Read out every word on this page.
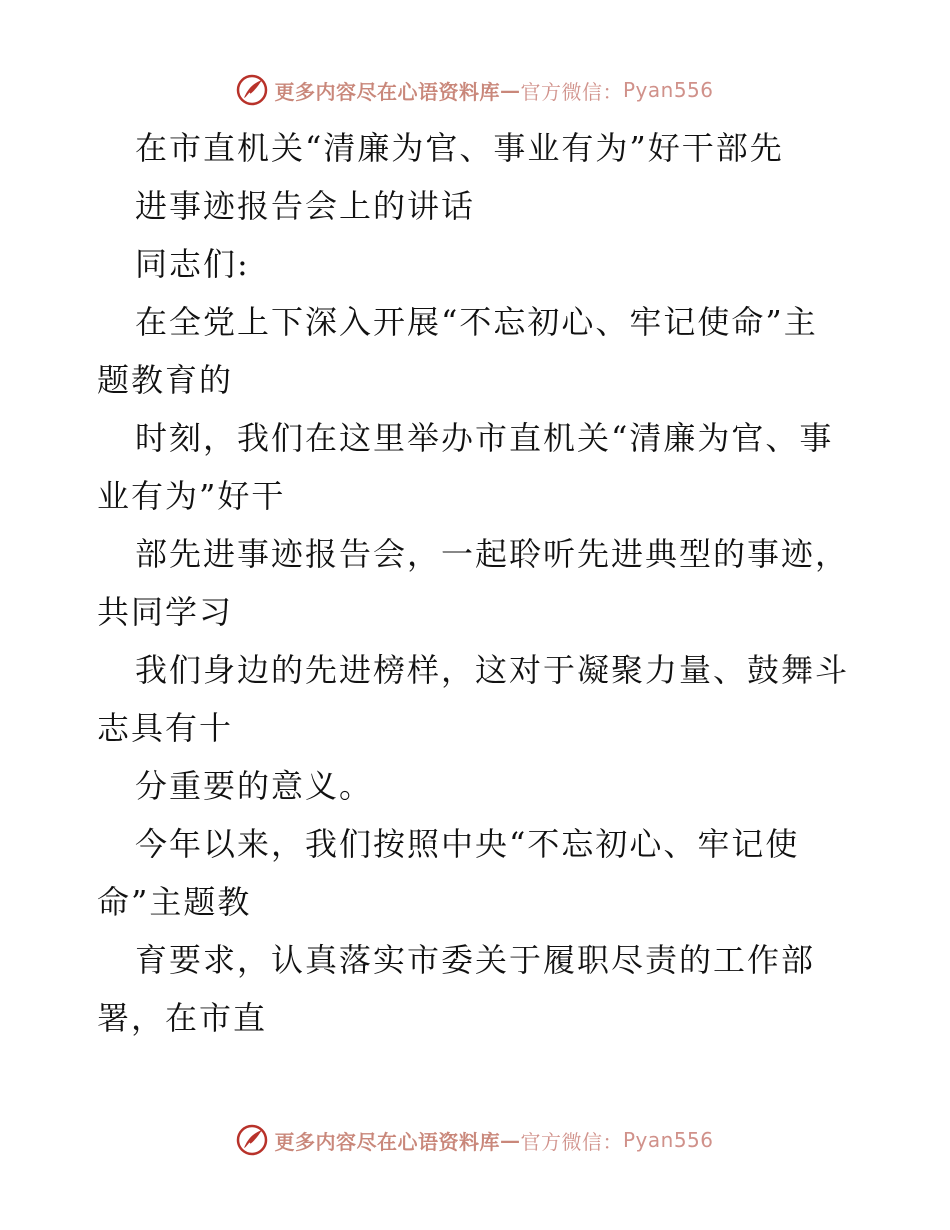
更多内容尽在心语资料库 — 官方微信： Pyan556
在市直机关“清廉为官、事业有为”好干部先
进事迹报告会上的讲话
同志们:
在全党上下深入开展“不忘初心、牢记使命”主
题教育的
时刻，我们在这里举办市直机关“清廉为官、事
业有为”好干
部先进事迹报告会，一起聆听先进典型的事迹，
共同学习
我们身边的先进榜样，这对于凝聚力量、鼓舞斗
志具有十
分重要的意义。
今年以来，我们按照中央“不忘初心、牢记使
命”主题教
育要求，认真落实市委关于履职尽责的工作部
署，在市直
更多内容尽在心语资料库 — 官方微信： Pyan556
